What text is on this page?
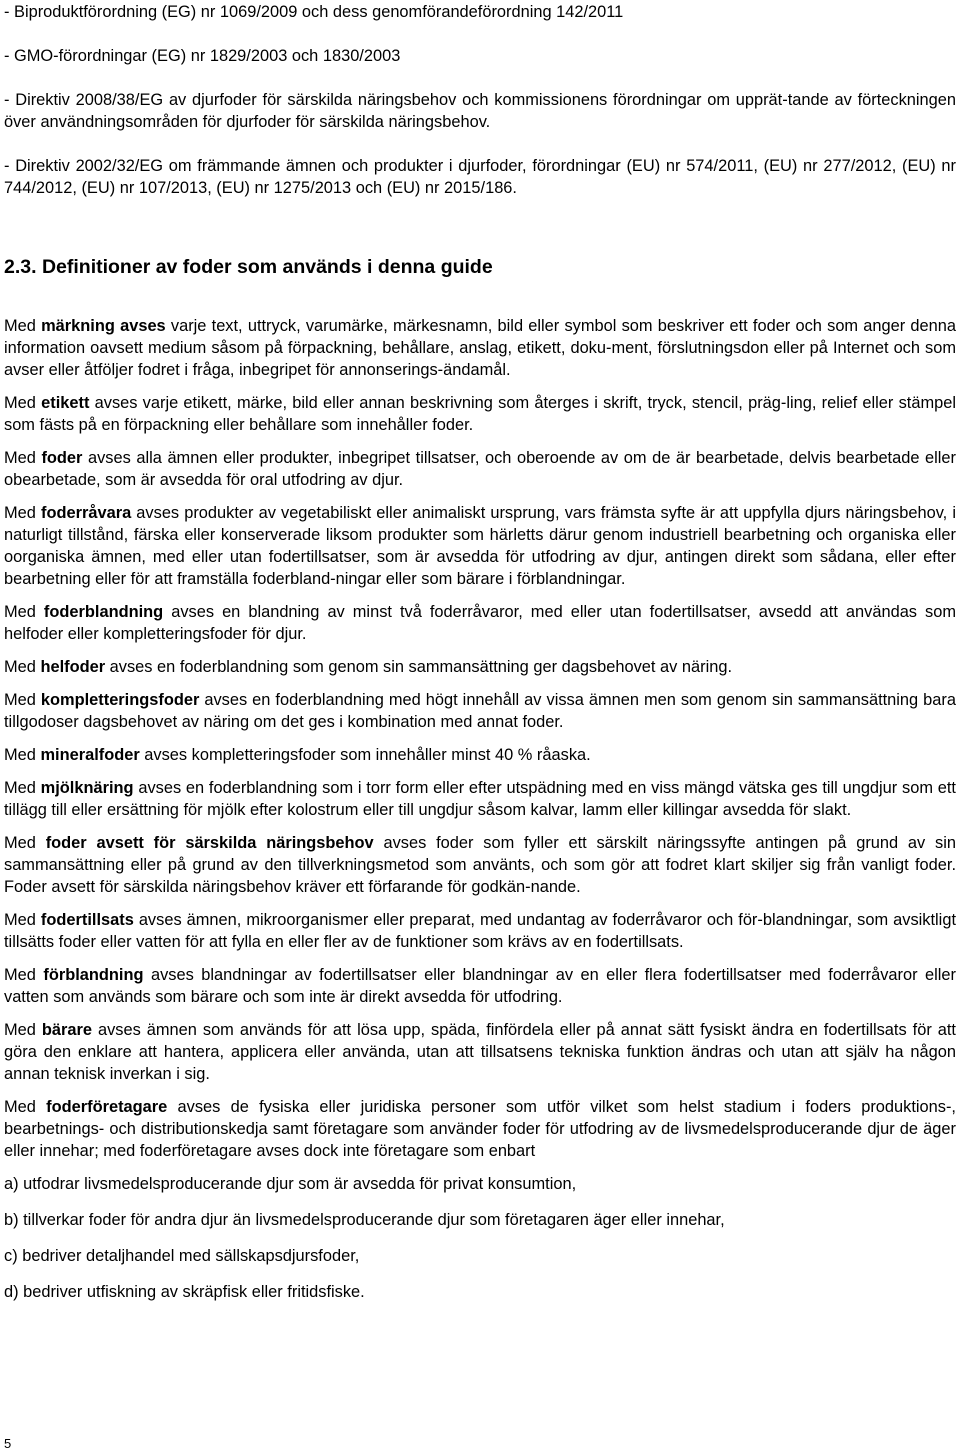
- Biproduktförordning (EG) nr 1069/2009 och dess genomförandeförordning 142/2011

- GMO-förordningar (EG) nr 1829/2003 och 1830/2003

- Direktiv 2008/38/EG av djurfoder för särskilda näringsbehov och kommissionens förordningar om upprät-tande av förteckningen över användningsområden för djurfoder för särskilda näringsbehov.

- Direktiv 2002/32/EG om främmande ämnen och produkter i djurfoder, förordningar (EU) nr 574/2011, (EU) nr 277/2012, (EU) nr 744/2012, (EU) nr 107/2013, (EU) nr 1275/2013 och (EU) nr 2015/186.

2.3. Definitioner av foder som används i denna guide

Med märkning avses varje text, uttryck, varumärke, märkesnamn, bild eller symbol som beskriver ett foder och som anger denna information oavsett medium såsom på förpackning, behållare, anslag, etikett, doku-ment, förslutningsdon eller på Internet och som avser eller åtföljer fodret i fråga, inbegripet för annonserings-ändamål.

Med etikett avses varje etikett, märke, bild eller annan beskrivning som återges i skrift, tryck, stencil, präg-ling, relief eller stämpel som fästs på en förpackning eller behållare som innehåller foder.

Med foder avses alla ämnen eller produkter, inbegripet tillsatser, och oberoende av om de är bearbetade, delvis bearbetade eller obearbetade, som är avsedda för oral utfodring av djur.

Med foderråvara avses produkter av vegetabiliskt eller animaliskt ursprung, vars främsta syfte är att uppfylla djurs näringsbehov, i naturligt tillstånd, färska eller konserverade liksom produkter som härletts därur genom industriell bearbetning och organiska eller oorganiska ämnen, med eller utan fodertillsatser, som är avsedda för utfodring av djur, antingen direkt som sådana, eller efter bearbetning eller för att framställa foderbland-ningar eller som bärare i förblandningar.

Med foderblandning avses en blandning av minst två foderråvaror, med eller utan fodertillsatser, avsedd att användas som helfoder eller kompletteringsfoder för djur.

Med helfoder avses en foderblandning som genom sin sammansättning ger dagsbehovet av näring.

Med kompletteringsfoder avses en foderblandning med högt innehåll av vissa ämnen men som genom sin sammansättning bara tillgodoser dagsbehovet av näring om det ges i kombination med annat foder.

Med mineralfoder avses kompletteringsfoder som innehåller minst 40 % råaska.

Med mjölknäring avses en foderblandning som i torr form eller efter utspädning med en viss mängd vätska ges till ungdjur som ett tillägg till eller ersättning för mjölk efter kolostrum eller till ungdjur såsom kalvar, lamm eller killingar avsedda för slakt.

Med foder avsett för särskilda näringsbehov avses foder som fyller ett särskilt näringssyfte antingen på grund av sin sammansättning eller på grund av den tillverkningsmetod som använts, och som gör att fodret klart skiljer sig från vanligt foder. Foder avsett för särskilda näringsbehov kräver ett förfarande för godkän-nande.

Med fodertillsats avses ämnen, mikroorganismer eller preparat, med undantag av foderråvaror och för-blandningar, som avsiktligt tillsätts foder eller vatten för att fylla en eller fler av de funktioner som krävs av en fodertillsats.

Med förblandning avses blandningar av fodertillsatser eller blandningar av en eller flera fodertillsatser med foderråvaror eller vatten som används som bärare och som inte är direkt avsedda för utfodring.

Med bärare avses ämnen som används för att lösa upp, späda, finfördela eller på annat sätt fysiskt ändra en fodertillsats för att göra den enklare att hantera, applicera eller använda, utan att tillsatsens tekniska funktion ändras och utan att själv ha någon annan teknisk inverkan i sig.

Med foderföretagare avses de fysiska eller juridiska personer som utför vilket som helst stadium i foders produktions-, bearbetnings- och distributionskedja samt företagare som använder foder för utfodring av de livsmedelsproducerande djur de äger eller innehar; med foderföretagare avses dock inte företagare som enbart

a) utfodrar livsmedelsproducerande djur som är avsedda för privat konsumtion,

b) tillverkar foder för andra djur än livsmedelsproducerande djur som företagaren äger eller innehar,

c) bedriver detaljhandel med sällskapsdjursfoder,

d) bedriver utfiskning av skräpfisk eller fritidsfiske.

5
